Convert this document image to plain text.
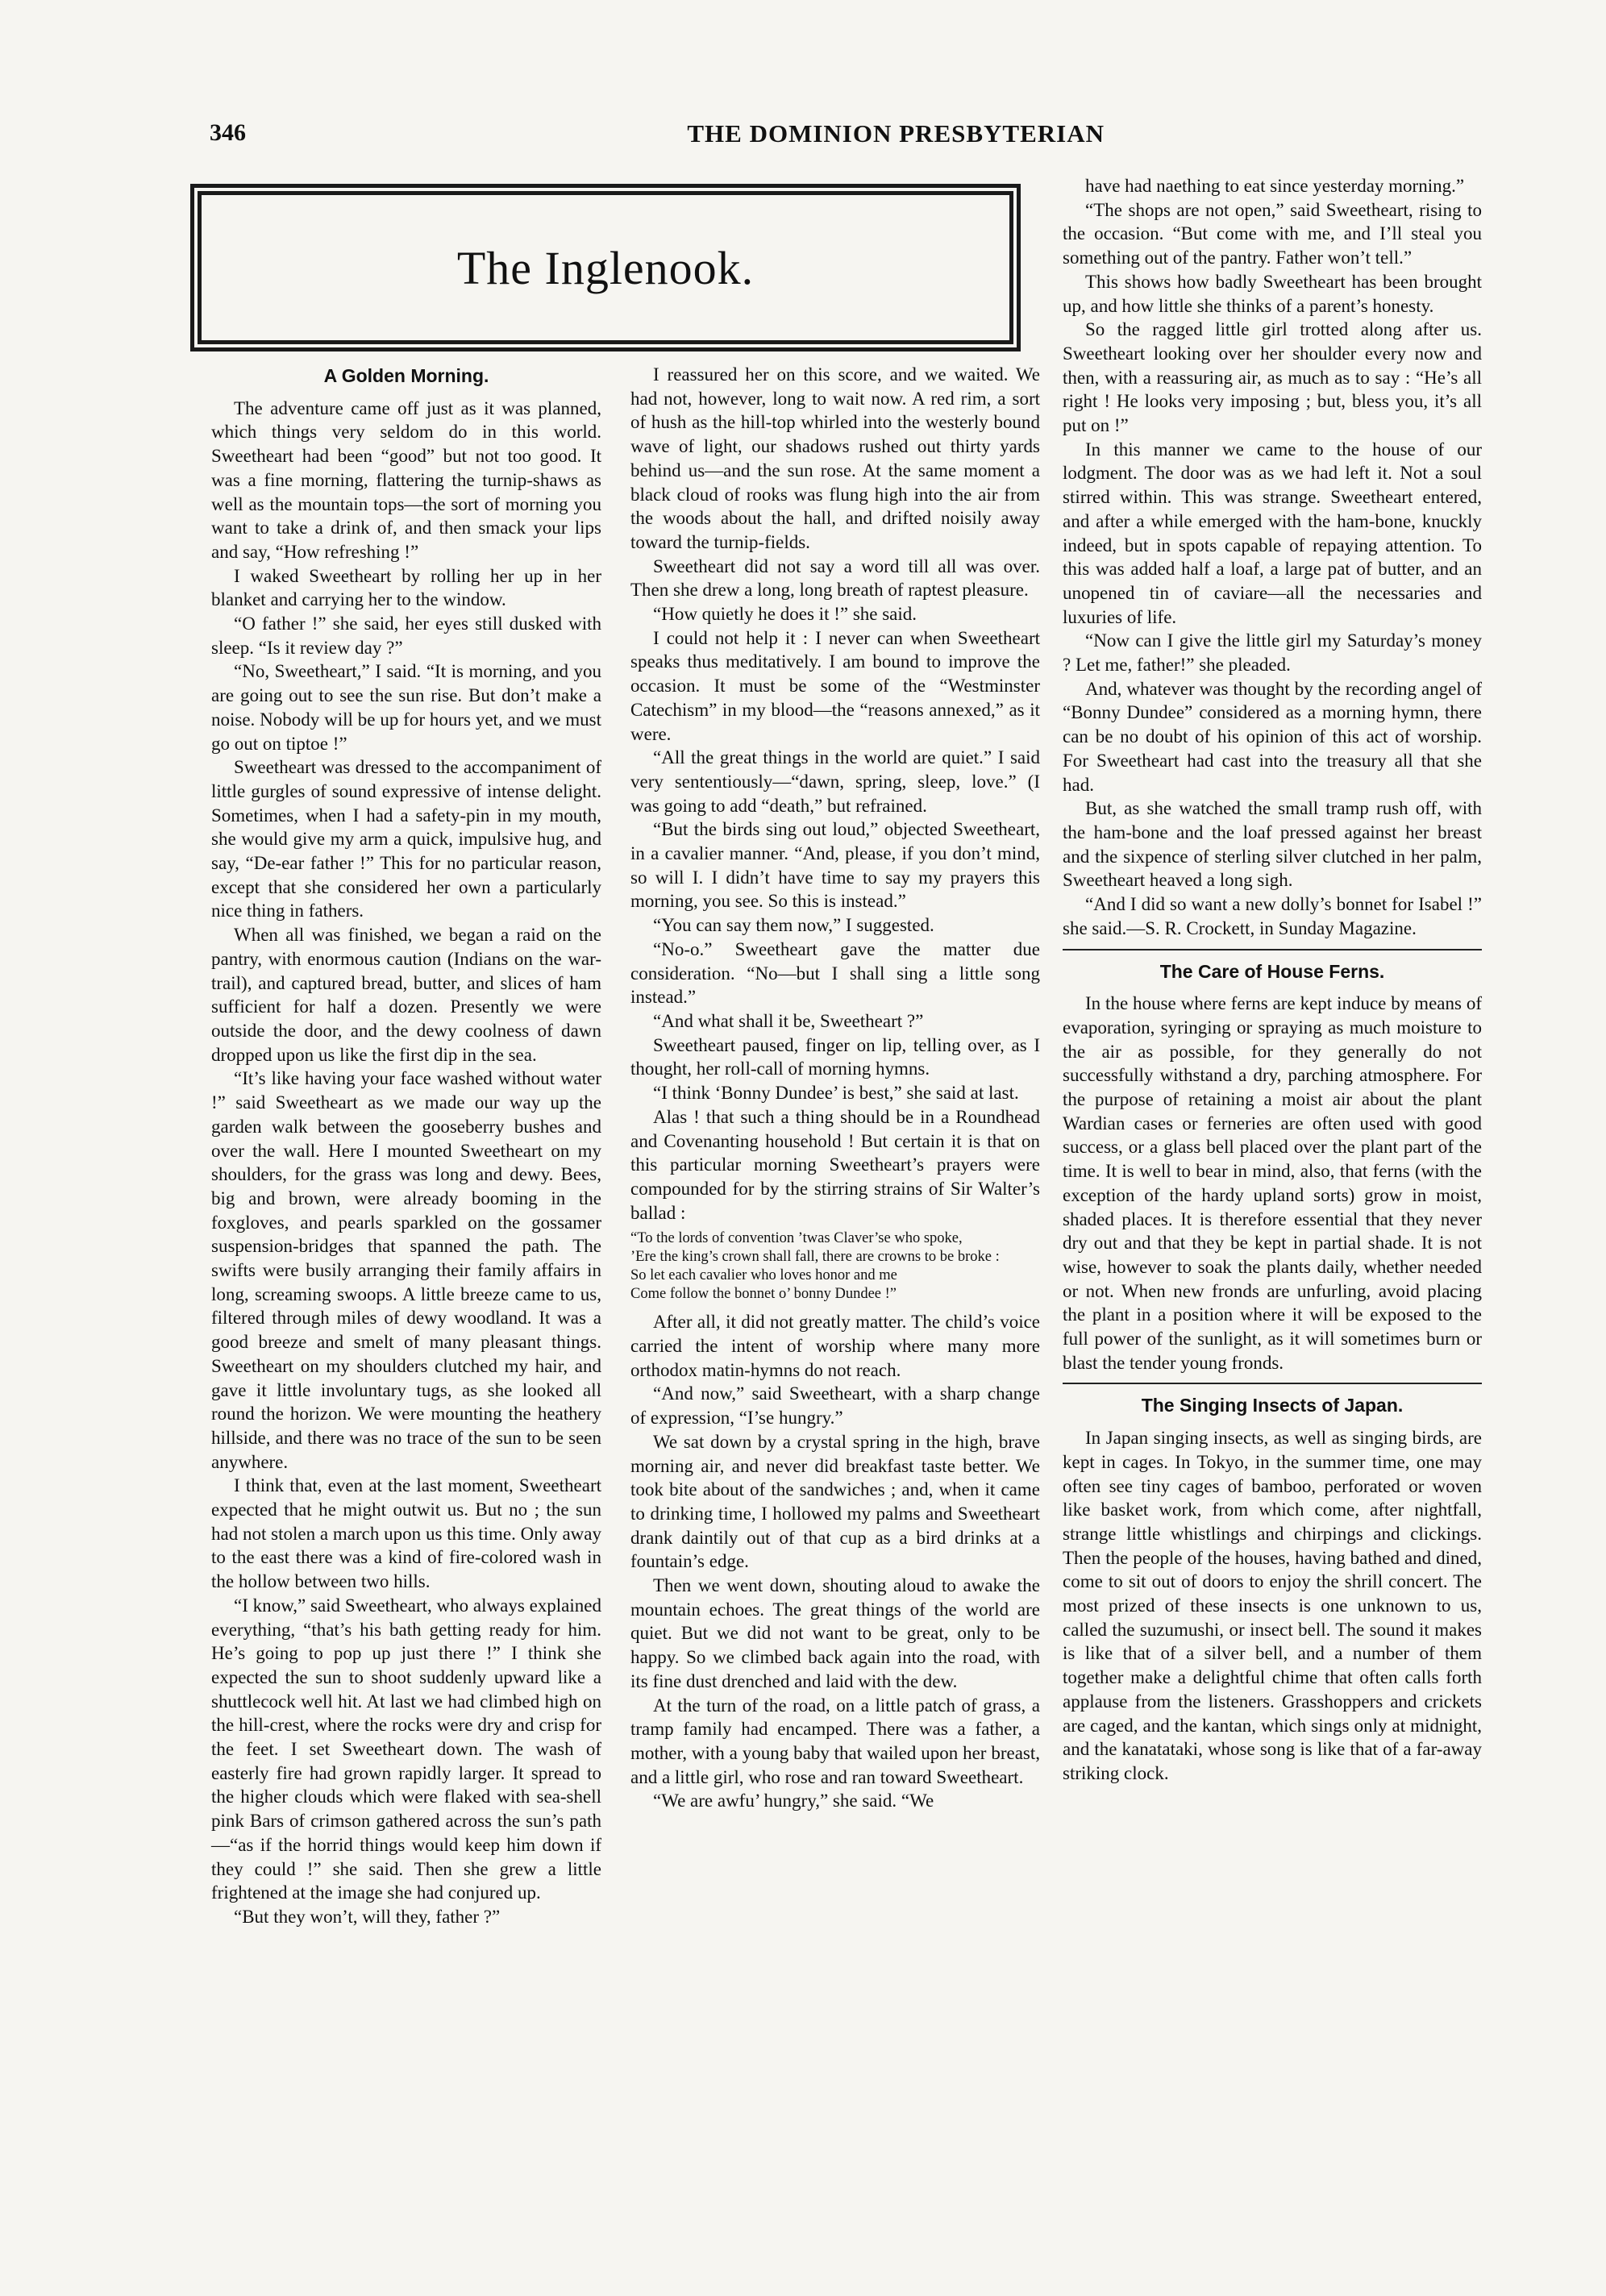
346	THE DOMINION PRESBYTERIAN
The Inglenook.
A Golden Morning.

The adventure came off just as it was planned, which things very seldom do in this world. Sweetheart had been “good” but not too good. It was a fine morning, flattering the turnip-shaws as well as the mountain tops—the sort of morning you want to take a drink of, and then smack your lips and say, “How refreshing !”

I waked Sweetheart by rolling her up in her blanket and carrying her to the window.

“O father !” she said, her eyes still dusked with sleep. “Is it review day ?”

“No, Sweetheart,” I said. “It is morning, and you are going out to see the sun rise. But don’t make a noise. Nobody will be up for hours yet, and we must go out on tiptoe !”

Sweetheart was dressed to the accompaniment of little gurgles of sound expressive of intense delight. Sometimes, when I had a safety-pin in my mouth, she would give my arm a quick, impulsive hug, and say, “De-ear father !” This for no particular reason, except that she considered her own a particularly nice thing in fathers.

When all was finished, we began a raid on the pantry, with enormous caution (Indians on the war-trail), and captured bread, butter, and slices of ham sufficient for half a dozen. Presently we were outside the door, and the dewy coolness of dawn dropped upon us like the first dip in the sea.

“It’s like having your face washed without water !” said Sweetheart as we made our way up the garden walk between the gooseberry bushes and over the wall. Here I mounted Sweetheart on my shoulders, for the grass was long and dewy. Bees, big and brown, were already booming in the foxgloves, and pearls sparkled on the gossamer suspension-bridges that spanned the path. The swifts were busily arranging their family affairs in long, screaming swoops. A little breeze came to us, filtered through miles of dewy woodland. It was a good breeze and smelt of many pleasant things. Sweetheart on my shoulders clutched my hair, and gave it little involuntary tugs, as she looked all round the horizon. We were mounting the heathery hillside, and there was no trace of the sun to be seen anywhere.

I think that, even at the last moment, Sweetheart expected that he might outwit us. But no ; the sun had not stolen a march upon us this time. Only away to the east there was a kind of fire-colored wash in the hollow between two hills.

“I know,” said Sweetheart, who always explained everything, “that’s his bath getting ready for him. He’s going to pop up just there !” I think she expected the sun to shoot suddenly upward like a shuttlecock well hit. At last we had climbed high on the hill-crest, where the rocks were dry and crisp for the feet. I set Sweetheart down. The wash of easterly fire had grown rapidly larger. It spread to the higher clouds which were flaked with sea-shell pink Bars of crimson gathered across the sun’s path—“as if the horrid things would keep him down if they could !” she said. Then she grew a little frightened at the image she had conjured up.

“But they won’t, will they, father ?”

I reassured her on this score, and we waited. We had not, however, long to wait now. A red rim, a sort of hush as the hill-top whirled into the westerly bound wave of light, our shadows rushed out thirty yards behind us—and the sun rose. At the same moment a black cloud of rooks was flung high into the air from the woods about the hall, and drifted noisily away toward the turnip-fields.

Sweetheart did not say a word till all was over. Then she drew a long, long breath of raptest pleasure.

“How quietly he does it !” she said.

I could not help it : I never can when Sweetheart speaks thus meditatively. I am bound to improve the occasion. It must be some of the “Westminster Catechism” in my blood—the “reasons annexed,” as it were.

“All the great things in the world are quiet.” I said very sententiously—“dawn, spring, sleep, love.” (I was going to add “death,” but refrained.

“But the birds sing out loud,” objected Sweetheart, in a cavalier manner. “And, please, if you don’t mind, so will I. I didn’t have time to say my prayers this morning, you see. So this is instead.”

“You can say them now,” I suggested.

“No-o.” Sweetheart gave the matter due consideration. “No—but I shall sing a little song instead.”

“And what shall it be, Sweetheart ?”

Sweetheart paused, finger on lip, telling over, as I thought, her roll-call of morning hymns.

“I think ‘Bonny Dundee’ is best,” she said at last.

Alas ! that such a thing should be in a Roundhead and Covenanting household ! But certain it is that on this particular morning Sweetheart’s prayers were compounded for by the stirring strains of Sir Walter’s ballad :

“To the lords of convention ’twas Claver’se who spoke,
’Ere the king’s crown shall fall, there are crowns to be broke :
So let each cavalier who loves honor and me
Come follow the bonnet o’ bonny Dundee !”

After all, it did not greatly matter. The child’s voice carried the intent of worship where many more orthodox matin-hymns do not reach.

“And now,” said Sweetheart, with a sharp change of expression, “I’se hungry.”

We sat down by a crystal spring in the high, brave morning air, and never did breakfast taste better. We took bite about of the sandwiches ; and, when it came to drinking time, I hollowed my palms and Sweetheart drank daintily out of that cup as a bird drinks at a fountain’s edge.

Then we went down, shouting aloud to awake the mountain echoes. The great things of the world are quiet. But we did not want to be great, only to be happy. So we climbed back again into the road, with its fine dust drenched and laid with the dew.

At the turn of the road, on a little patch of grass, a tramp family had encamped. There was a father, a mother, with a young baby that wailed upon her breast, and a little girl, who rose and ran toward Sweetheart.

“We are awfu’ hungry,” she said. “We

have had naething to eat since yesterday morning.”

“The shops are not open,” said Sweetheart, rising to the occasion. “But come with me, and I’ll steal you something out of the pantry. Father won’t tell.”

This shows how badly Sweetheart has been brought up, and how little she thinks of a parent’s honesty.

So the ragged little girl trotted along after us. Sweetheart looking over her shoulder every now and then, with a reassuring air, as much as to say : “He’s all right ! He looks very imposing ; but, bless you, it’s all put on !”

In this manner we came to the house of our lodgment. The door was as we had left it. Not a soul stirred within. This was strange. Sweetheart entered, and after a while emerged with the ham-bone, knuckly indeed, but in spots capable of repaying attention. To this was added half a loaf, a large pat of butter, and an unopened tin of caviare—all the necessaries and luxuries of life.

“Now can I give the little girl my Saturday’s money ? Let me, father!” she pleaded.

And, whatever was thought by the recording angel of “Bonny Dundee” considered as a morning hymn, there can be no doubt of his opinion of this act of worship. For Sweetheart had cast into the treasury all that she had.

But, as she watched the small tramp rush off, with the ham-bone and the loaf pressed against her breast and the sixpence of sterling silver clutched in her palm, Sweetheart heaved a long sigh.

“And I did so want a new dolly’s bonnet for Isabel !” she said.—S. R. Crockett, in Sunday Magazine.

The Care of House Ferns.

In the house where ferns are kept induce by means of evaporation, syringing or spraying as much moisture to the air as possible, for they generally do not successfully withstand a dry, parching atmosphere. For the purpose of retaining a moist air about the plant Wardian cases or ferneries are often used with good success, or a glass bell placed over the plant part of the time. It is well to bear in mind, also, that ferns (with the exception of the hardy upland sorts) grow in moist, shaded places. It is therefore essential that they never dry out and that they be kept in partial shade. It is not wise, however to soak the plants daily, whether needed or not. When new fronds are unfurling, avoid placing the plant in a position where it will be exposed to the full power of the sunlight, as it will sometimes burn or blast the tender young fronds.

The Singing Insects of Japan.

In Japan singing insects, as well as singing birds, are kept in cages. In Tokyo, in the summer time, one may often see tiny cages of bamboo, perforated or woven like basket work, from which come, after nightfall, strange little whistlings and chirpings and clickings. Then the people of the houses, having bathed and dined, come to sit out of doors to enjoy the shrill concert. The most prized of these insects is one unknown to us, called the suzumushi, or insect bell. The sound it makes is like that of a silver bell, and a number of them together make a delightful chime that often calls forth applause from the listeners. Grasshoppers and crickets are caged, and the kantan, which sings only at midnight, and the kanatataki, whose song is like that of a far-away striking clock.
